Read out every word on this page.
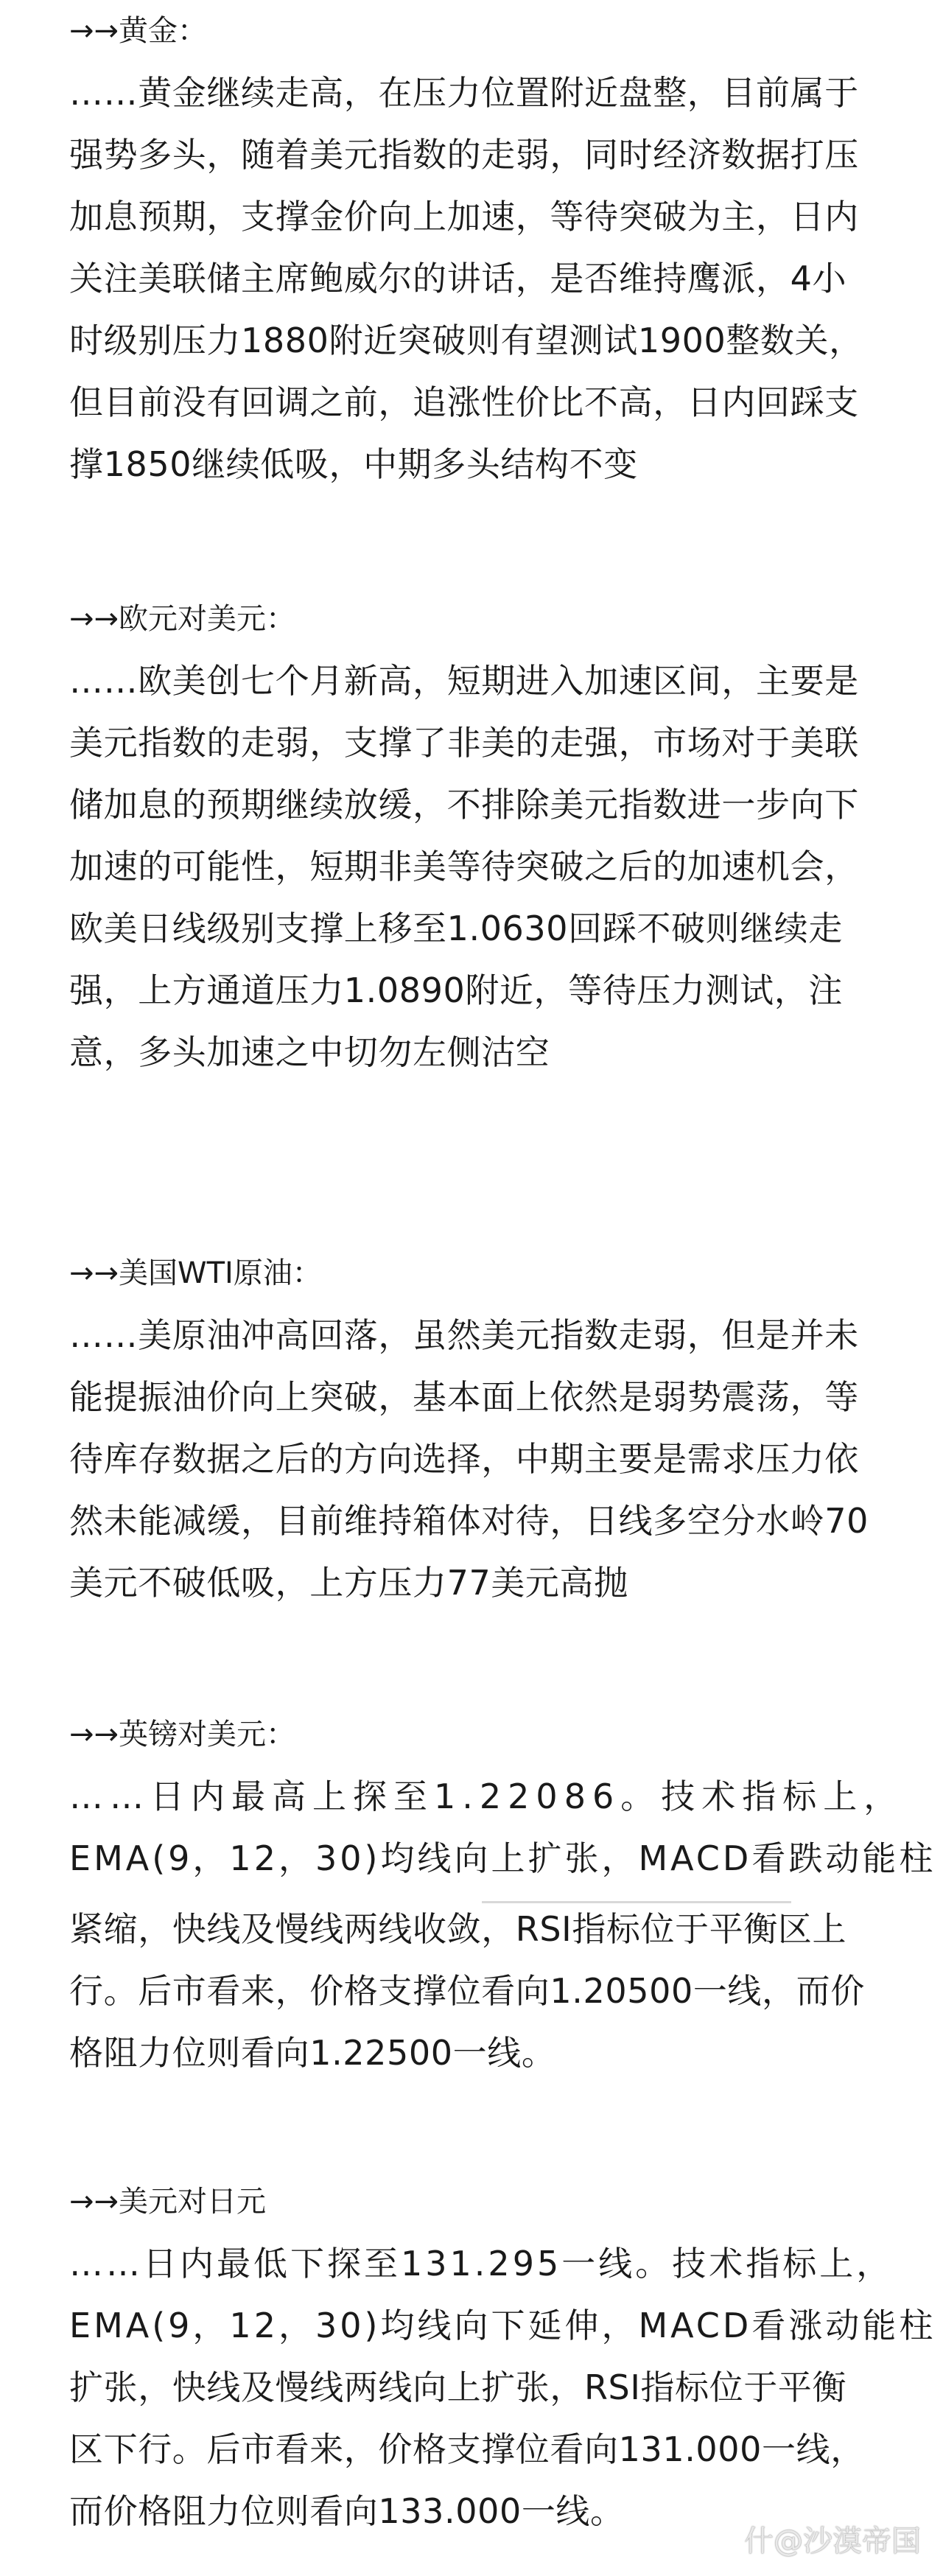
→→黄金：
……黄金继续走高，在压力位置附近盘整，目前属于
强势多头，随着美元指数的走弱，同时经济数据打压
加息预期，支撑金价向上加速，等待突破为主，日内
关注美联储主席鲍威尔的讲话，是否维持鹰派，4小
时级别压力1880附近突破则有望测试1900整数关，
但目前没有回调之前，追涨性价比不高，日内回踩支
撑1850继续低吸，中期多头结构不变
→→欧元对美元：
……欧美创七个月新高，短期进入加速区间，主要是
美元指数的走弱，支撑了非美的走强，市场对于美联
储加息的预期继续放缓，不排除美元指数进一步向下
加速的可能性，短期非美等待突破之后的加速机会，
欧美日线级别支撑上移至1.0630回踩不破则继续走
强，上方通道压力1.0890附近，等待压力测试，注
意，多头加速之中切勿左侧沽空
→→美国WTI原油：
……美原油冲高回落，虽然美元指数走弱，但是并未
能提振油价向上突破，基本面上依然是弱势震荡，等
待库存数据之后的方向选择，中期主要是需求压力依
然未能减缓，目前维持箱体对待，日线多空分水岭70
美元不破低吸，上方压力77美元高抛
→→英镑对美元：
……日内最高上探至1.22086。技术指标上，
EMA(9，12，30)均线向上扩张，MACD看跌动能柱
紧缩，快线及慢线两线收敛，RSI指标位于平衡区上
行。后市看来，价格支撑位看向1.20500一线，而价
格阻力位则看向1.22500一线。
→→美元对日元
……日内最低下探至131.295一线。技术指标上，
EMA(9，12，30)均线向下延伸，MACD看涨动能柱
扩张，快线及慢线两线向上扩张，RSI指标位于平衡
区下行。后市看来，价格支撑位看向131.000一线，
而价格阻力位则看向133.000一线。
什@沙漠帝国
